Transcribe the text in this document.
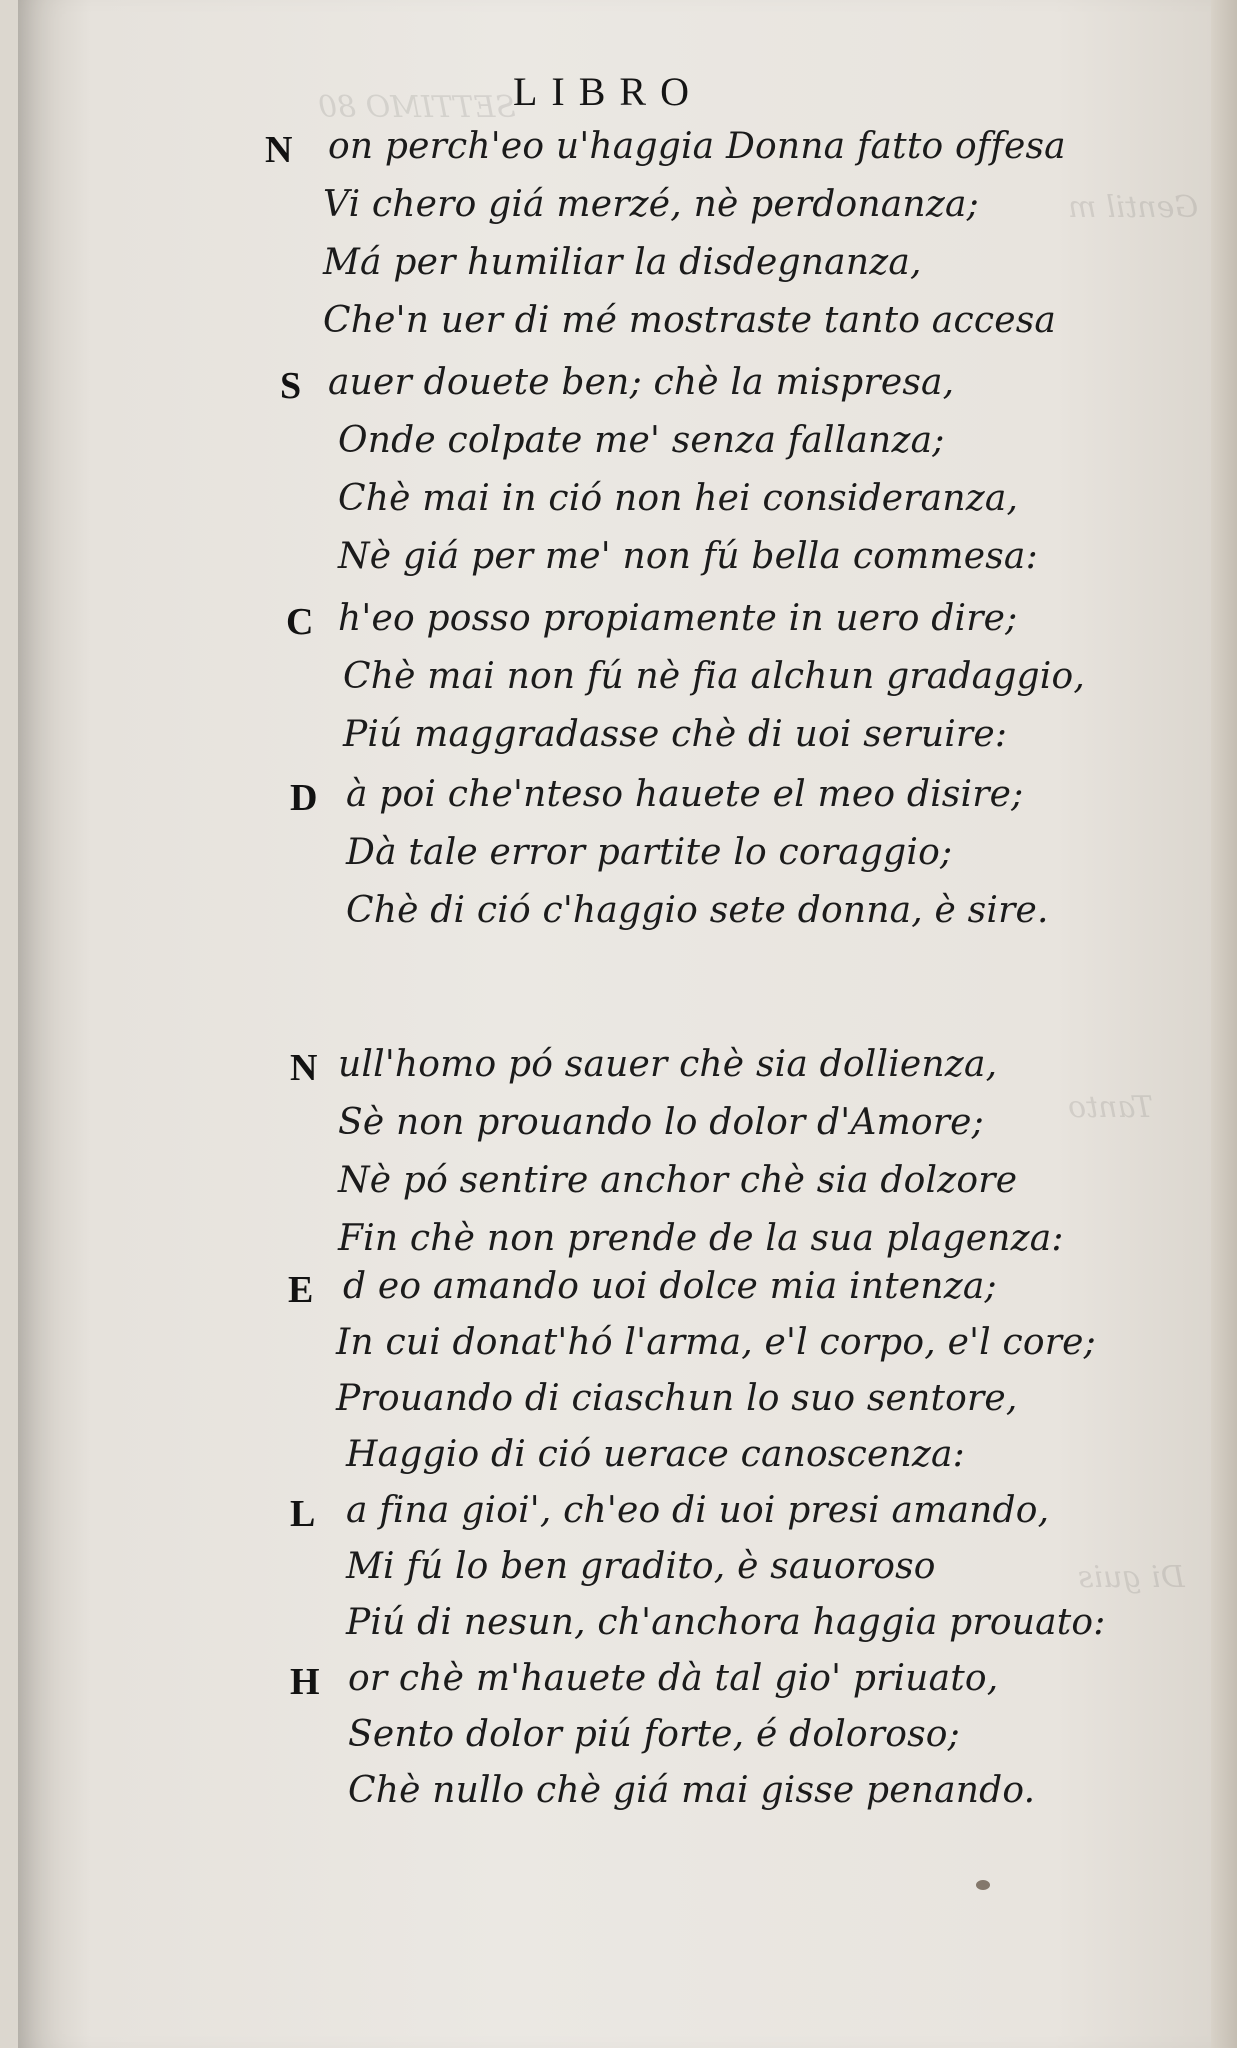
SETTIMO 80
Gentil m
Tanto
Di guis
LIBRO
N on perch'eo u'haggia Donna fatto offesa
Vi chero giá merzé, nè perdonanza;
Má per humiliar la disdegnanza,
Che'n uer di mé mostraste tanto accesa
S auer douete ben; chè la mispresa,
Onde colpate me' senza fallanza;
Chè mai in ció non hei consideranza,
Nè giá per me' non fú bella commesa:
C h'eo posso propiamente in uero dire;
Chè mai non fú nè fia alchun gradaggio,
Piú maggradasse chè di uoi seruire:
D à poi che'nteso hauete el meo disire;
Dà tale error partite lo coraggio;
Chè di ció c'haggio sete donna, è sire.
N ull'homo pó sauer chè sia dollienza,
Sè non prouando lo dolor d'Amore;
Nè pó sentire anchor chè sia dolzore
Fin chè non prende de la sua plagenza:
E d eo amando uoi dolce mia intenza;
In cui donat'hó l'arma, e'l corpo, e'l core;
Prouando di ciaschun lo suo sentore,
Haggio di ció uerace canoscenza:
L a fina gioi', ch'eo di uoi presi amando,
Mi fú lo ben gradito, è sauoroso
Piú di nesun, ch'anchora haggia prouato:
H or chè m'hauete dà tal gio' priuato,
Sento dolor piú forte, é doloroso;
Chè nullo chè giá mai gisse penando.
